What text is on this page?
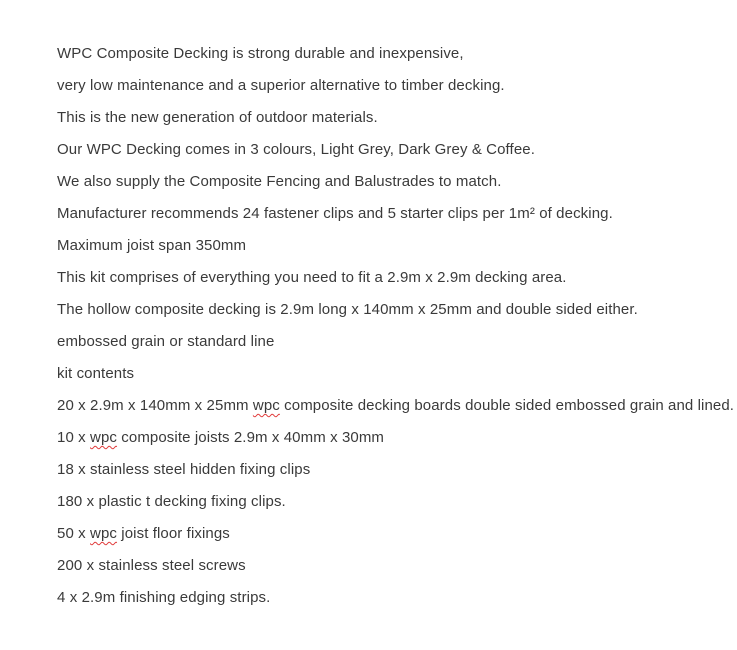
WPC Composite Decking is strong durable and inexpensive,

very low maintenance and a superior alternative to timber decking.

This is the new generation of outdoor materials.

Our WPC Decking comes in 3 colours, Light Grey, Dark Grey & Coffee.

We also supply the Composite Fencing and Balustrades to match.

Manufacturer recommends 24 fastener clips and 5 starter clips per 1m² of decking.

Maximum joist span 350mm

This kit comprises of everything you need to fit a 2.9m x 2.9m decking area.

The hollow composite decking is 2.9m long x 140mm x 25mm and double sided either.

embossed grain or standard line

kit contents

20 x 2.9m x 140mm x 25mm wpc composite decking boards double sided embossed grain and lined.

10 x wpc composite joists 2.9m x 40mm x 30mm

18 x stainless steel hidden fixing clips

180 x plastic t decking fixing clips.

50 x wpc joist floor fixings

200 x stainless steel screws

4 x 2.9m finishing edging strips.
